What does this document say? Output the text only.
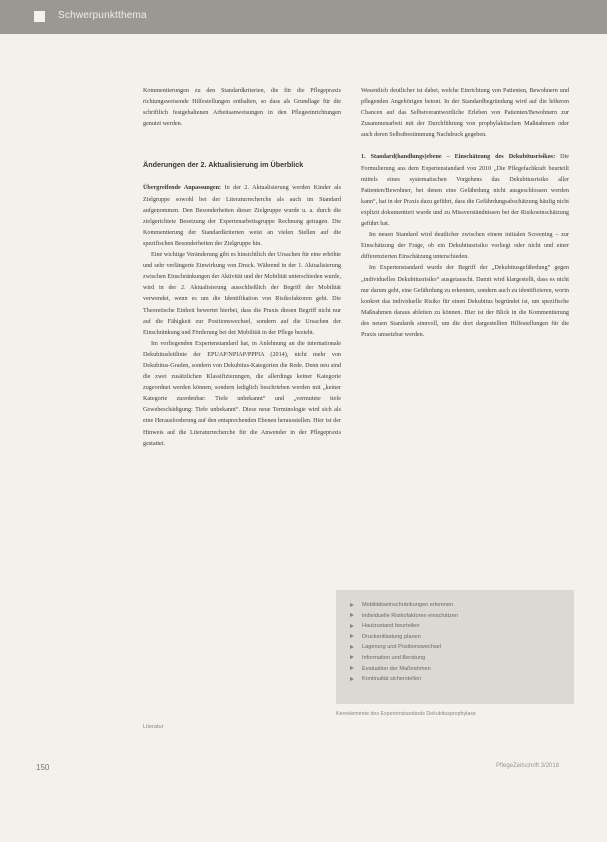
Schwerpunktthema

Kommentierungen zu den Standardkriterien, die für die Pflegepraxis richtungsweisende Hilfestellungen enthalten, so dass als Grundlage für die schriftlich festgehaltenen Arbeitsanweisungen in den Pflegeeinrichtungen genutzt werden.

Änderungen der 2. Aktualisierung im Überblick

Übergreifende Anpassungen: In der 2. Aktualisierung werden Kinder als Zielgruppe sowohl bei der Literaturrecherche als auch im Standard aufgenommen. Den Besonderheiten dieser Zielgruppe wurde u. a. durch die zielgerichtete Besetzung der Expertenarbeitsgruppe Rechnung getragen. Die Kommentierung der Standardkriterien weist an vielen Stellen auf die spezifischen Besonderheiten der Zielgruppe hin.

Eine wichtige Veränderung gibt es hinsichtlich der Ursachen für eine erhöhte und sehr verlängerte Einwirkung von Druck. Während in der 1. Aktualisierung zwischen Einschränkungen der Aktivität und der Mobilität unterschieden wurde, wird in der 2. Aktualisierung ausschließlich der Begriff der Mobilität verwendet, wenn es um die Identifikation von Risikofaktoren geht. Die Theoretische Einheit bewertet hierbei, dass die Praxis diesen Begriff nicht nur auf die Fähigkeit zur Positionswechsel, sondern auf die Ursachen der Einschränkung und Förderung bei der Mobilität in der Pflege bezieht.

Im vorliegenden Expertenstandard hat, in Anlehnung an die internationale Dekubitusleitlinie der EPUAP/NPIAP/PPPIA (2014), nicht mehr von Dekubitus-Graden, sondern von Dekubitus-Kategorien die Rede. Denn neu sind die zwei zusätzlichen Klassifizierungen, die allerdings keiner Kategorie zugeordnet werden können, sondern lediglich beschrieben werden mit „keiner Kategorie zuordenbar: Tiefe unbekannt“ und „vermutete tiefe Gewebeschädigung: Tiefe unbekannt“. Diese neue Terminologie wird sich als eine Herausforderung auf den entsprechenden Ebenen herausstellen. Hier ist der Hinweis auf die Literaturrecherche für die Anwender in der Pflegepraxis gestattet.

Wesentlich deutlicher ist dabei, welche Einrichtung von Patienten, Bewohnern und pflegenden Angehörigen betont. In der Standardbegründung wird auf die höheren Chancen auf das Selbstverantwortliche Erleben von Patienten/Bewohnern zur Zusammenarbeit mit der Durchführung von prophylaktischen Maßnahmen oder auch deren Selbstbestimmung Nachdruck gegeben.

1. Standard(handlungs)ebene – Einschätzung des Dekubitusrisikos: Die Formulierung aus dem Expertenstandard von 2010 „Die Pflegefachkraft beurteilt mittels eines systematischen Vorgehens das Dekubitusrisiko aller Patienten/Bewohner, bei denen eine Gefährdung nicht ausgeschlossen werden kann“, hat in der Praxis dazu geführt, dass die Gefährdungsabschätzung häufig nicht explizit dokumentiert wurde und zu Missverständnissen bei der Risikoeinschätzung geführt hat.

Im neuen Standard wird deutlicher zwischen einem initialen Screening – zur Einschätzung der Frage, ob ein Dekubitusrisiko vorliegt oder nicht und einer differenzierten Einschätzung unterschieden.

Im Expertenstandard wurde der Begriff der „Dekubitusgefährdung“ gegen „individuelles Dekubitusrisiko“ ausgetauscht. Damit wird klargestellt, dass es nicht nur darum geht, eine Gefährdung zu erkennen, sondern auch zu identifizieren, worin konkret das individuelle Risiko für einen Dekubitus begründet ist, um spezifische Maßnahmen daraus ableiten zu können. Hier ist der Blick in die Kommentierung des neuen Standards sinnvoll, um die dort dargestellten Hilfestellungen für die Praxis umsetzbar werden.

Mobilitätseinschränkungen erkennen
individuelle Risikofaktoren einschätzen
Hautzustand beurteilen
Druckentlastung planen
Lagerung und Positionswechsel
Information und Beratung
Evaluation der Maßnahmen
Kontinuität sicherstellen
Kernelemente des Expertenstandards Dekubitusprophylaxe
Literatur
150	PflegeZeitschrift 3/2018
